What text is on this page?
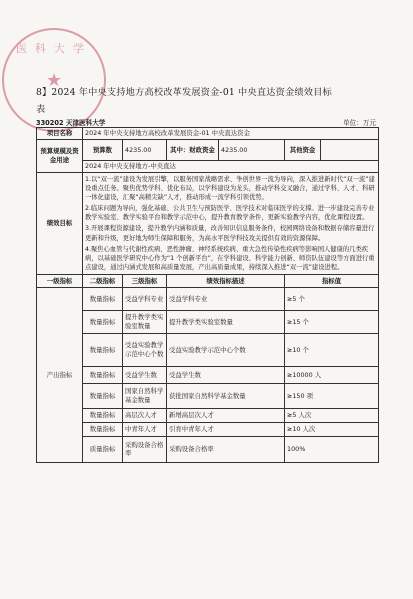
医科大学
★
8】2024 年中央支持地方高校改革发展资金-01 中央直达资金绩效目标
表
330202 天津医科大学	单位：万元
项目名称	2024 年中央支持地方高校改革发展资金-01 中央直达资金					
预算规模及资金用途	预算数	4235.00	其中：财政资金	4235.00	其他资金	
	2024 年中央支持地方-中央直达					
绩效目标	1.以“双一流”建设为发展引擎，以服务国家战略需求、争创世界一流为导向，深入推进新时代“双一流”建设重点任务。聚焦优势学科、优化布局，以学科建设为龙头，推动学科交叉融合，通过学科、人才、科研一体化建设，汇聚“高精尖缺”人才，推动形成一流学科引领优势。

2.临床问题为导向，强化基础、公共卫生与预防医学、医学技术对临床医学的支撑。进一步建设完善专业教学实验室、教学实验平台和教学示范中心，提升教育教学条件，更新实验教学内容，优化课程设置。

3.开展课程资源建设，提升教学内涵和质量，改善知识信息服务条件，校园网络设备和数据存储容量进行更新和升级，更好地为师生保障和服务，为高水平医学科技攻关提供有效的资源保障。

4.聚焦心血管与代谢性疾病、恶性肿瘤、神经系统疾病、重大急性传染性疾病等影响国人健康的几类疾病，以基础医学研究中心作为“1 个创新平台”，在学科建设、科学能力创新、师资队伍建设等方面进行重点建设，通过内涵式发展和高质量发展，产出高质量成果，持续深入推进“双一流”建设进程。					

一级指标	二级指标	三级指标	绩效指标描述		指标值	
产出指标	数量指标	受益学科专业	受益学科专业		≥5 个	
	数量指标	提升教学类实验室数量	提升教学类实验室数量		≥15 个	
	数量指标	受益实验教学示范中心个数	受益实验教学示范中心个数		≥10 个	
	数量指标	受益学生数	受益学生数		≥10000 人	
	数量指标	国家自然科学基金数量	获批国家自然科学基金数量		≥150 项	
	数量指标	高层次人才	新增高层次人才		≥5 人次	
	数量指标	中青年人才	引育中青年人才		≥10 人次	
	质量指标	采购设备合格率	采购设备合格率		100%	
